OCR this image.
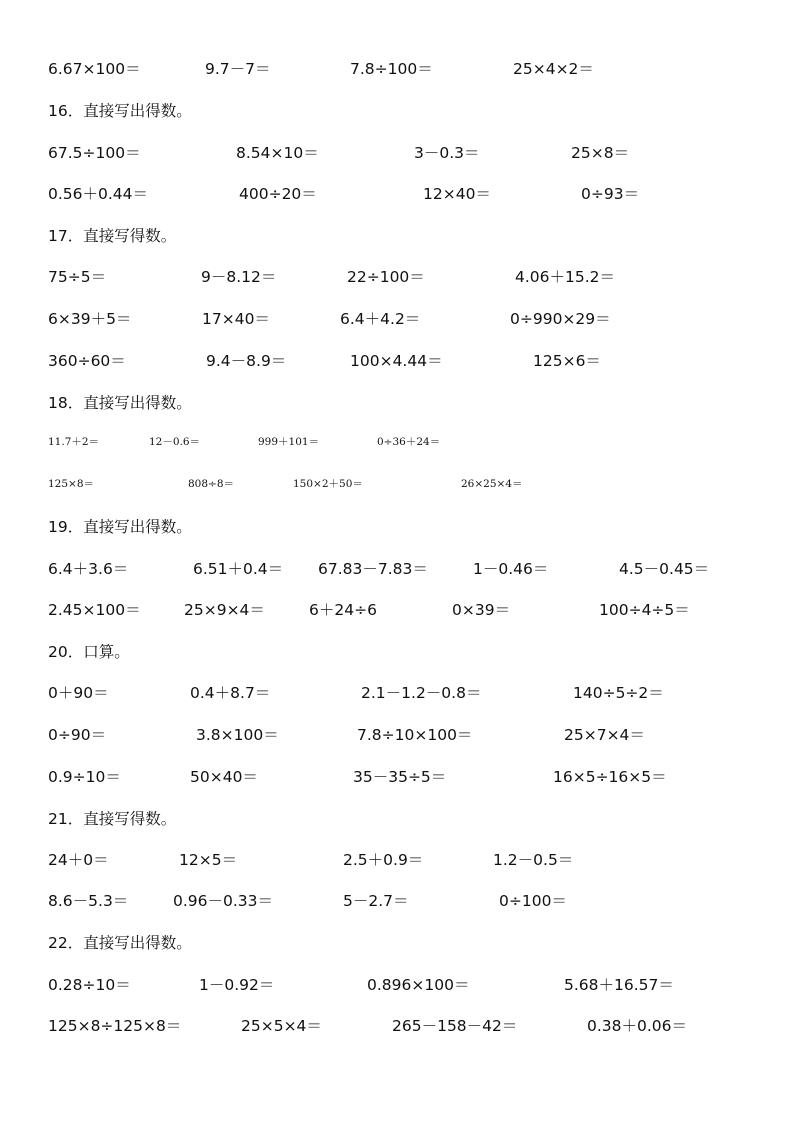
6.67×100＝	9.7－7＝	7.8÷100＝	25×4×2＝
16．直接写出得数。
67.5÷100＝	8.54×10＝	3－0.3＝	25×8＝
0.56＋0.44＝	400÷20＝	12×40＝	0÷93＝
17．直接写得数。
75÷5＝	9－8.12＝	22÷100＝	4.06＋15.2＝
6×39＋5＝	17×40＝	6.4＋4.2＝	0÷990×29＝
360÷60＝	9.4－8.9＝	100×4.44＝	125×6＝
18．直接写出得数。
11.7＋2＝	12－0.6＝	999＋101＝	0÷36＋24＝
125×8＝	808÷8＝	150×2＋50＝	26×25×4＝
19．直接写出得数。
6.4＋3.6＝	6.51＋0.4＝ 67.83－7.83＝	1－0.46＝	4.5－0.45＝
2.45×100＝	25×9×4＝	6＋24÷6	0×39＝	100÷4÷5＝
20．口算。
0＋90＝	0.4＋8.7＝	2.1－1.2－0.8＝	140÷5÷2＝
0÷90＝	3.8×100＝	7.8÷10×100＝	25×7×4＝
0.9÷10＝	50×40＝	35－35÷5＝	16×5÷16×5＝
21．直接写得数。
24＋0＝	12×5＝	2.5＋0.9＝	1.2－0.5＝
8.6－5.3＝	0.96－0.33＝	5－2.7＝	0÷100＝
22．直接写出得数。
0.28÷10＝	1－0.92＝	0.896×100＝	5.68＋16.57＝
125×8÷125×8＝	25×5×4＝	265－158－42＝	0.38＋0.06＝
